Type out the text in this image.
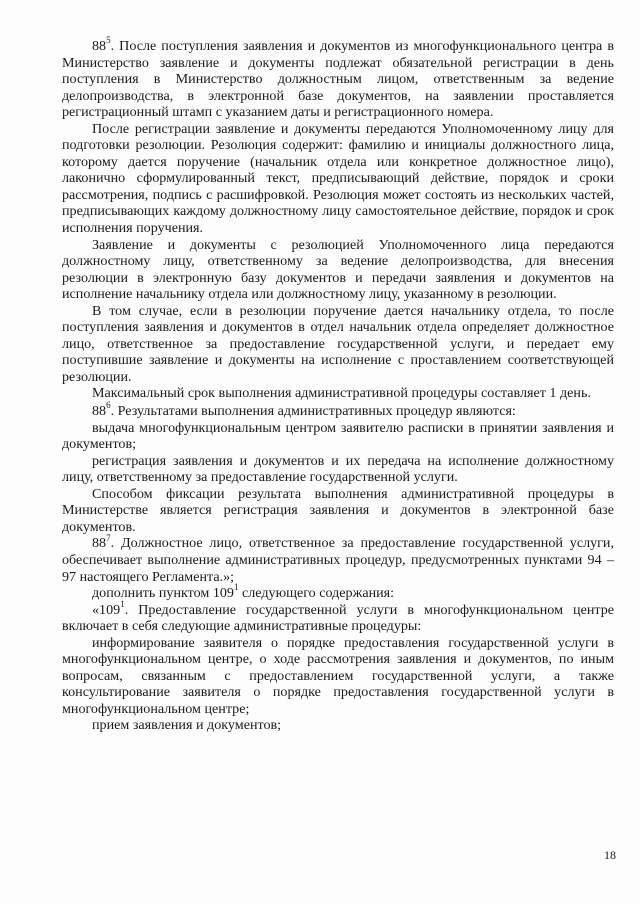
$88^5$. После поступления заявления и документов из многофункционального центра в Министерство заявление и документы подлежат обязательной регистрации в день поступления в Министерство должностным лицом, ответственным за ведение делопроизводства, в электронной базе документов, на заявлении проставляется регистрационный штамп с указанием даты и регистрационного номера.

После регистрации заявление и документы передаются Уполномоченному лицу для подготовки резолюции. Резолюция содержит: фамилию и инициалы должностного лица, которому дается поручение (начальник отдела или конкретное должностное лицо), лаконично сформулированный текст, предписывающий действие, порядок и сроки рассмотрения, подпись с расшифровкой. Резолюция может состоять из нескольких частей, предписывающих каждому должностному лицу самостоятельное действие, порядок и срок исполнения поручения.

Заявление и документы с резолюцией Уполномоченного лица передаются должностному лицу, ответственному за ведение делопроизводства, для внесения резолюции в электронную базу документов и передачи заявления и документов на исполнение начальнику отдела или должностному лицу, указанному в резолюции.

В том случае, если в резолюции поручение дается начальнику отдела, то после поступления заявления и документов в отдел начальник отдела определяет должностное лицо, ответственное за предоставление государственной услуги, и передает ему поступившие заявление и документы на исполнение с проставлением соответствующей резолюции.

Максимальный срок выполнения административной процедуры составляет 1 день.

$88^6$. Результатами выполнения административных процедур являются:

выдача многофункциональным центром заявителю расписки в принятии заявления и документов;

регистрация заявления и документов и их передача на исполнение должностному лицу, ответственному за предоставление государственной услуги.

Способом фиксации результата выполнения административной процедуры в Министерстве является регистрация заявления и документов в электронной базе документов.

$88^7$. Должностное лицо, ответственное за предоставление государственной услуги, обеспечивает выполнение административных процедур, предусмотренных пунктами 94 – 97 настоящего Регламента.»;

дополнить пунктом $109^1$ следующего содержания:

«$109^1$. Предоставление государственной услуги в многофункциональном центре включает в себя следующие административные процедуры:

информирование заявителя о порядке предоставления государственной услуги в многофункциональном центре, о ходе рассмотрения заявления и документов, по иным вопросам, связанным с предоставлением государственной услуги, а также консультирование заявителя о порядке предоставления государственной услуги в многофункциональном центре;

прием заявления и документов;

18
